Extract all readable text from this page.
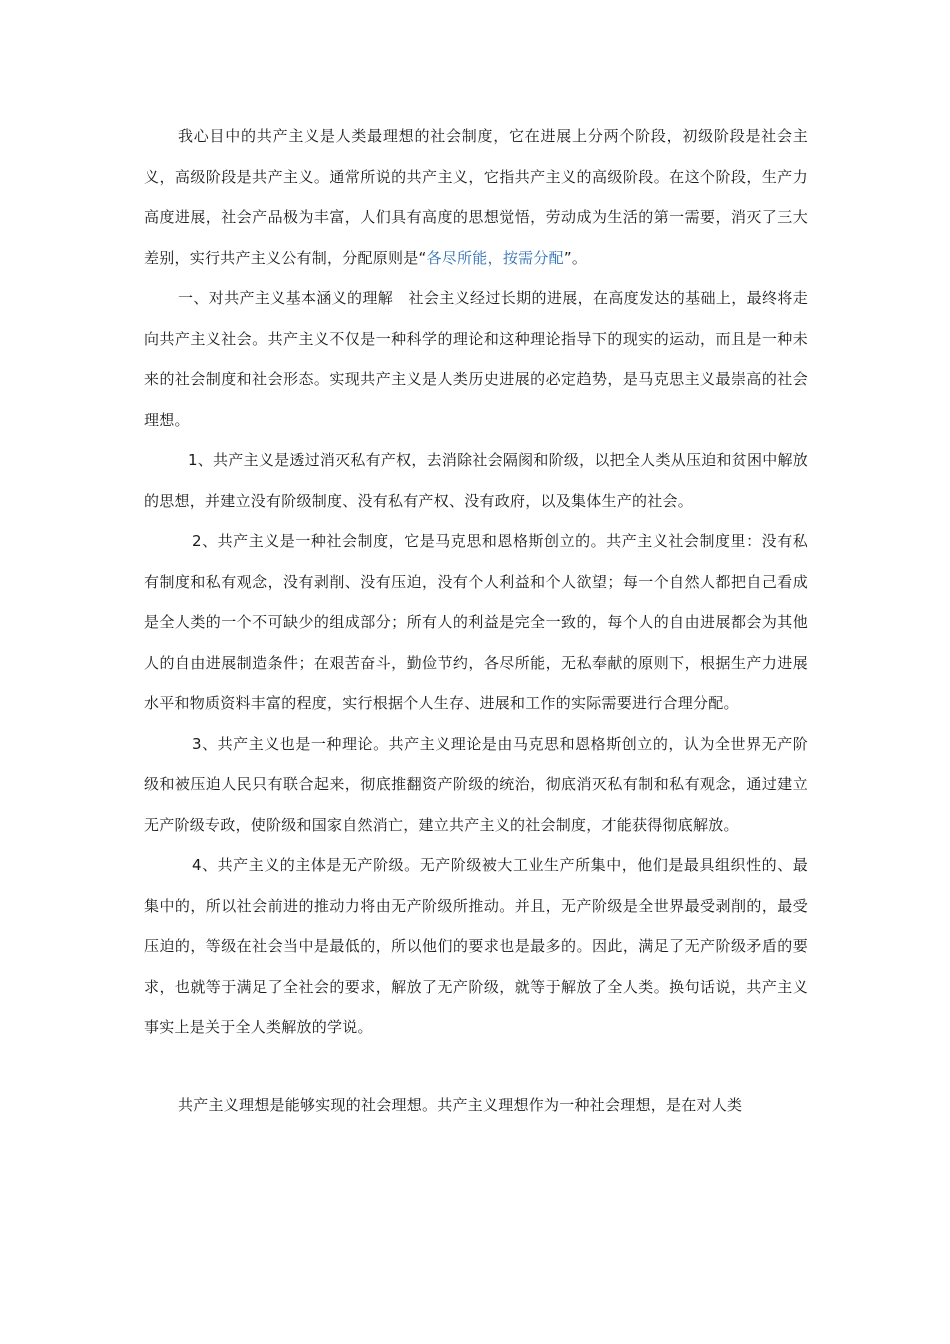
我心目中的共产主义是人类最理想的社会制度，它在进展上分两个阶段，初级阶段是社会主义，高级阶段是共产主义。通常所说的共产主义，它指共产主义的高级阶段。在这个阶段，生产力高度进展，社会产品极为丰富，人们具有高度的思想觉悟，劳动成为生活的第一需要，消灭了三大差别，实行共产主义公有制，分配原则是“各尽所能，按需分配”。

一、对共产主义基本涵义的理解　社会主义经过长期的进展，在高度发达的基础上，最终将走向共产主义社会。共产主义不仅是一种科学的理论和这种理论指导下的现实的运动，而且是一种未来的社会制度和社会形态。实现共产主义是人类历史进展的必定趋势，是马克思主义最崇高的社会理想。

1、共产主义是透过消灭私有产权，去消除社会隔阂和阶级，以把全人类从压迫和贫困中解放的思想，并建立没有阶级制度、没有私有产权、没有政府，以及集体生产的社会。

2、共产主义是一种社会制度，它是马克思和恩格斯创立的。共产主义社会制度里：没有私有制度和私有观念，没有剥削、没有压迫，没有个人利益和个人欲望；每一个自然人都把自己看成是全人类的一个不可缺少的组成部分；所有人的利益是完全一致的，每个人的自由进展都会为其他人的自由进展制造条件；在艰苦奋斗，勤俭节约，各尽所能，无私奉献的原则下，根据生产力进展水平和物质资料丰富的程度，实行根据个人生存、进展和工作的实际需要进行合理分配。

3、共产主义也是一种理论。共产主义理论是由马克思和恩格斯创立的，认为全世界无产阶级和被压迫人民只有联合起来，彻底推翻资产阶级的统治，彻底消灭私有制和私有观念，通过建立无产阶级专政，使阶级和国家自然消亡，建立共产主义的社会制度，才能获得彻底解放。

4、共产主义的主体是无产阶级。无产阶级被大工业生产所集中，他们是最具组织性的、最集中的，所以社会前进的推动力将由无产阶级所推动。并且，无产阶级是全世界最受剥削的，最受压迫的，等级在社会当中是最低的，所以他们的要求也是最多的。因此，满足了无产阶级矛盾的要求，也就等于满足了全社会的要求，解放了无产阶级，就等于解放了全人类。换句话说，共产主义事实上是关于全人类解放的学说。

共产主义理想是能够实现的社会理想。共产主义理想作为一种社会理想，是在对人类
